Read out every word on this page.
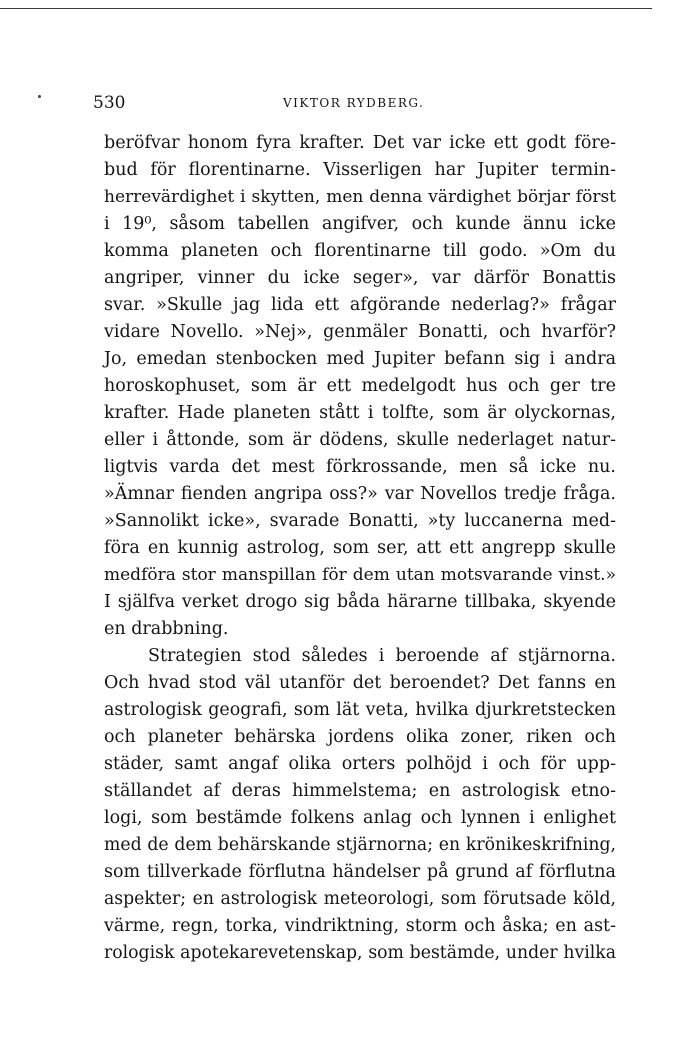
530	VIKTOR RYDBERG.
beröfvar honom fyra krafter. Det var icke ett godt före-
bud för florentinarne. Visserligen har Jupiter termin-
herrevärdighet i skytten, men denna värdighet börjar först
i 19⁰, såsom tabellen angifver, och kunde ännu icke
komma planeten och florentinarne till godo. »Om du
angriper, vinner du icke seger», var därför Bonattis
svar. »Skulle jag lida ett afgörande nederlag?» frågar
vidare Novello. »Nej», genmäler Bonatti, och hvarför?
Jo, emedan stenbocken med Jupiter befann sig i andra
horoskophuset, som är ett medelgodt hus och ger tre
krafter. Hade planeten stått i tolfte, som är olyckornas,
eller i åttonde, som är dödens, skulle nederlaget natur-
ligtvis varda det mest förkrossande, men så icke nu.
»Ämnar fienden angripa oss?» var Novellos tredje fråga.
»Sannolikt icke», svarade Bonatti, »ty luccanerna med-
föra en kunnig astrolog, som ser, att ett angrepp skulle
medföra stor manspillan för dem utan motsvarande vinst.»
I själfva verket drogo sig båda härarne tillbaka, skyende
en drabbning.
Strategien stod således i beroende af stjärnorna.
Och hvad stod väl utanför det beroendet? Det fanns en
astrologisk geografi, som lät veta, hvilka djurkretstecken
och planeter behärska jordens olika zoner, riken och
städer, samt angaf olika orters polhöjd i och för upp-
ställandet af deras himmelstema; en astrologisk etno-
logi, som bestämde folkens anlag och lynnen i enlighet
med de dem behärskande stjärnorna; en krönikeskrifning,
som tillverkade förflutna händelser på grund af förflutna
aspekter; en astrologisk meteorologi, som förutsade köld,
värme, regn, torka, vindriktning, storm och åska; en ast-
rologisk apotekarevetenskap, som bestämde, under hvilka
